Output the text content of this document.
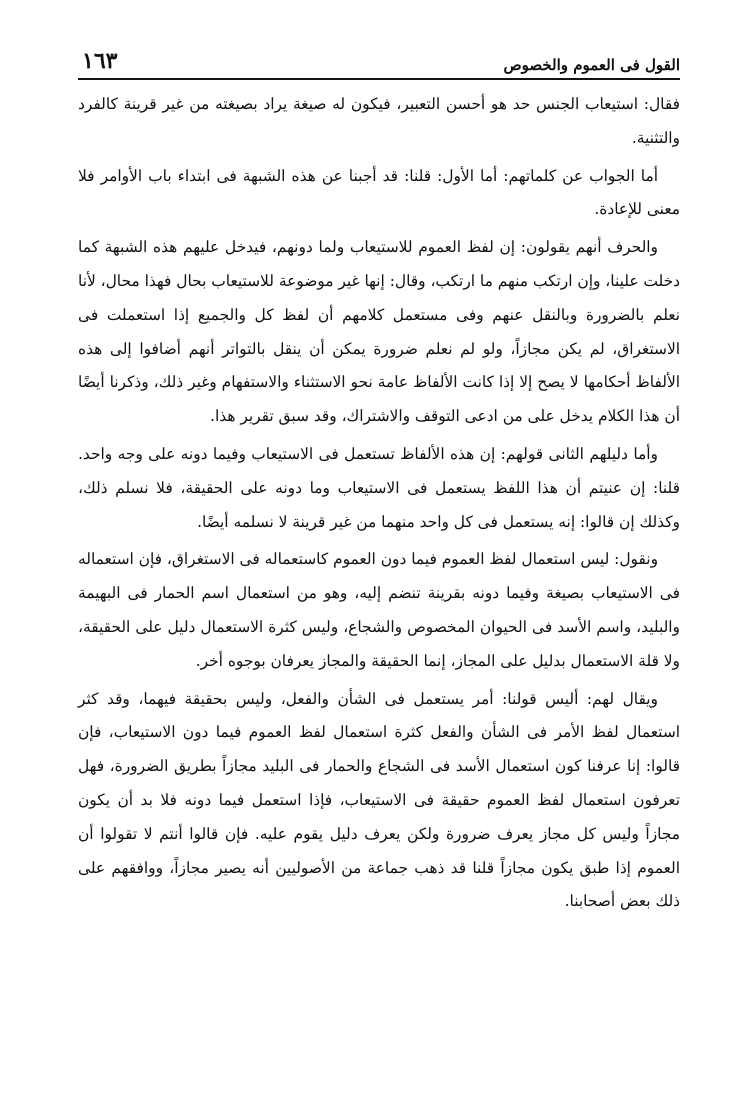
القول فى العموم والخصوص
١٦٣

فقال: استيعاب الجنس حد هو أحسن التعبير، فيكون له صيغة يراد بصيغته من غير قرينة كالفرد والتثنية.

أما الجواب عن كلماتهم: أما الأول: قلنا: قد أجبنا عن هذه الشبهة فى ابتداء باب الأوامر فلا معنى للإعادة.

والحرف أنهم يقولون: إن لفظ العموم للاستيعاب ولما دونهم، فيدخل عليهم هذه الشبهة كما دخلت علينا، وإن ارتكب منهم ما ارتكب، وقال: إنها غير موضوعة للاستيعاب بحال فهذا محال، لأنا نعلم بالضرورة وبالنقل عنهم وفى مستعمل كلامهم أن لفظ كل والجميع إذا استعملت فى الاستغراق، لم يكن مجازاً، ولو لم نعلم ضرورة يمكن أن ينقل بالتواتر أنهم أضافوا إلى هذه الألفاظ أحكامها لا يصح إلا إذا كانت الألفاظ عامة نحو الاستثناء والاستفهام وغير ذلك، وذكرنا أيضًا أن هذا الكلام يدخل على من ادعى التوقف والاشتراك، وقد سبق تقرير هذا.

وأما دليلهم الثانى قولهم: إن هذه الألفاظ تستعمل فى الاستيعاب وفيما دونه على وجه واحد. قلنا: إن عنيتم أن هذا اللفظ يستعمل فى الاستيعاب وما دونه على الحقيقة، فلا نسلم ذلك، وكذلك إن قالوا: إنه يستعمل فى كل واحد منهما من غير قرينة لا نسلمه أيضًا.

ونقول: ليس استعمال لفظ العموم فيما دون العموم كاستعماله فى الاستغراق، فإن استعماله فى الاستيعاب بصيغة وفيما دونه بقرينة تنضم إليه، وهو من استعمال اسم الحمار فى البهيمة والبليد، واسم الأسد فى الحيوان المخصوص والشجاع، وليس كثرة الاستعمال دليل على الحقيقة، ولا قلة الاستعمال بدليل على المجاز، إنما الحقيقة والمجاز يعرفان بوجوه أخر.

ويقال لهم: أليس قولنا: أمر يستعمل فى الشأن والفعل، وليس بحقيقة فيهما، وقد كثر استعمال لفظ الأمر فى الشأن والفعل كثرة استعمال لفظ العموم فيما دون الاستيعاب، فإن قالوا: إنا عرفنا كون استعمال الأسد فى الشجاع والحمار فى البليد مجازاً بطريق الضرورة، فهل تعرفون استعمال لفظ العموم حقيقة فى الاستيعاب، فإذا استعمل فيما دونه فلا بد أن يكون مجازاً وليس كل مجاز يعرف ضرورة ولكن يعرف دليل يقوم عليه. فإن قالوا أنتم لا تقولوا أن العموم إذا طبق يكون مجازاً قلنا قد ذهب جماعة من الأصوليين أنه يصير مجازاً، ووافقهم على ذلك بعض أصحابنا.
